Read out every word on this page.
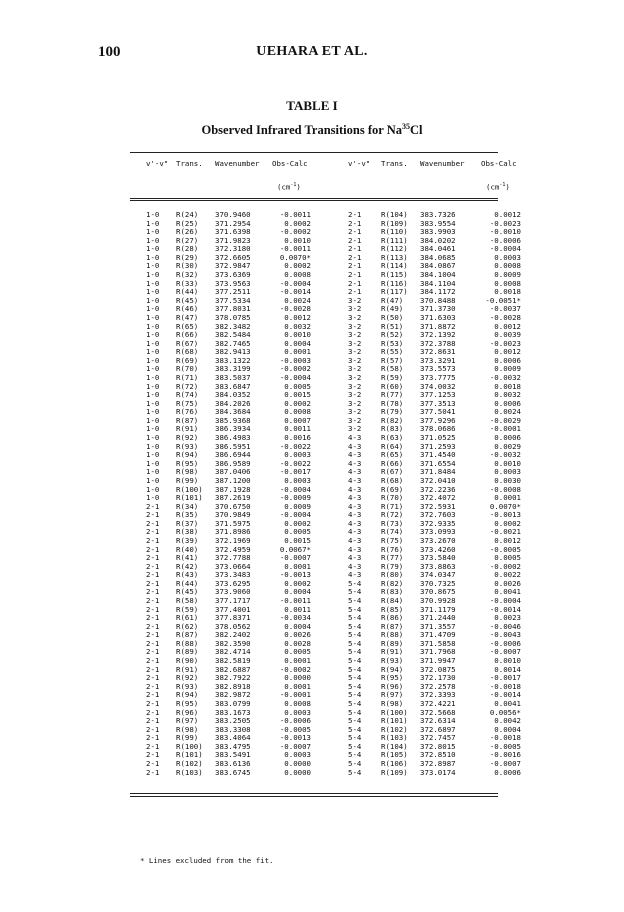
100	UEHARA ET AL.
TABLE I
Observed Infrared Transitions for Na$^{35}$Cl
v'-v" Trans. Wavenumber Obs-Calc	v'-v" Trans. Wavenumber Obs-Calc
$(cm^{-1})$	$(cm^{-1})$
1-0 R(24) 370.9460	-0.0011	2-1	R(104) 383.7326	0.0012
1-0 R(25) 371.2954	0.0002	2-1	R(109) 383.9554	-0.0023
1-0 R(26) 371.6398	-0.0002	2-1	R(110) 383.9903	-0.0010
1-0 R(27) 371.9823	0.0010	2-1	R(111) 384.0202	-0.0006
1-0 R(28) 372.3180	-0.0011	2-1	R(112) 384.0461	-0.0004
1-0 R(29) 372.6605	0.0070*	2-1	R(113) 384.0685	0.0003
1-0 R(30) 372.9847	0.0002	2-1	R(114) 384.0867	0.0008
1-0 R(32) 373.6369	0.0008	2-1	R(115) 384.1004	0.0009
1-0 R(33) 373.9563	-0.0004	2-1	R(116) 384.1104	0.0008
1-0 R(44) 377.2511	-0.0014	2-1	R(117) 384.1172	0.0018
1-0 R(45) 377.5334	0.0024	3-2	R(47) 370.8488	-0.0051*
1-0 R(46) 377.8031	-0.0028	3-2	R(49) 371.3730	-0.0037
1-0 R(47) 378.0785	0.0012	3-2	R(50) 371.6303	-0.0028
1-0 R(65) 382.3482	0.0032	3-2	R(51) 371.8872	0.0012
1-0 R(66) 382.5484	0.0010	3-2	R(52) 372.1392	0.0039
1-0 R(67) 382.7465	0.0004	3-2	R(53) 372.3788	-0.0023
1-0 R(68) 382.9413	0.0001	3-2	R(55) 372.8631	0.0012
1-0 R(69) 383.1322	-0.0003	3-2	R(57) 373.3291	0.0006
1-0 R(70) 383.3199	-0.0002	3-2	R(58) 373.5573	0.0009
1-0 R(71) 383.5037	-0.0004	3-2	R(59) 373.7775	-0.0032
1-0 R(72) 383.6847	0.0005	3-2	R(60) 374.0032	0.0018
1-0 R(74) 384.0352	0.0015	3-2	R(77) 377.1253	0.0032
1-0 R(75) 384.2026	0.0002	3-2	R(78) 377.3513	0.0006
1-0 R(76) 384.3684	0.0008	3-2	R(79) 377.5041	0.0024
1-0 R(87) 385.9368	0.0007	3-2	R(82) 377.9296	-0.0029
1-0 R(91) 386.3934	0.0011	3-2	R(83) 378.0686	-0.0001
1-0 R(92) 386.4983	0.0016	4-3	R(63) 371.0525	0.0006
1-0 R(93) 386.5951	-0.0022	4-3	R(64) 371.2593	0.0029
1-0 R(94) 386.6944	0.0003	4-3	R(65) 371.4540	-0.0032
1-0 R(95) 386.9589	-0.0022	4-3	R(66) 371.6554	0.0010
1-0 R(98) 387.0406	-0.0017	4-3	R(67) 371.8484	0.0003
1-0 R(99) 387.1200	0.0003	4-3	R(68) 372.0410	0.0030
1-0 R(100) 387.1928	-0.0004	4-3	R(69) 372.2236	-0.0008
1-0 R(101) 387.2619	-0.0009	4-3	R(70) 372.4072	0.0001
2-1 R(34) 370.6750	0.0009	4-3	R(71) 372.5931	0.0070*
2-1 R(35) 370.9849	-0.0004	4-3	R(72) 372.7603	-0.0013
2-1 R(37) 371.5975	0.0002	4-3	R(73) 372.9335	0.0002
2-1 R(38) 371.8986	0.0005	4-3	R(74) 373.0993	-0.0021
2-1 R(39) 372.1969	0.0015	4-3	R(75) 373.2670	0.0012
2-1 R(40) 372.4959	0.0067*	4-3	R(76) 373.4260	-0.0005
2-1 R(41) 372.7788	-0.0007	4-3	R(77) 373.5840	0.0005
2-1 R(42) 373.0664	0.0001	4-3	R(79) 373.8863	-0.0002
2-1 R(43) 373.3483	-0.0013	4-3	R(80) 374.0347	0.0022
2-1 R(44) 373.6295	0.0002	5-4	R(82) 370.7325	0.0026
2-1 R(45) 373.9060	0.0004	5-4	R(83) 370.8675	0.0041
2-1 R(58) 377.1717	-0.0011	5-4	R(84) 370.9928	-0.0004
2-1 R(59) 377.4001	0.0011	5-4	R(85) 371.1179	-0.0014
2-1 R(61) 377.8371	-0.0034	5-4	R(86) 371.2440	0.0023
2-1 R(62) 378.0562	0.0004	5-4	R(87) 371.3557	-0.0046
2-1 R(87) 382.2402	0.0026	5-4	R(88) 371.4709	-0.0043
2-1 R(88) 382.3590	0.0028	5-4	R(89) 371.5858	-0.0006
2-1 R(89) 382.4714	0.0005	5-4	R(91) 371.7968	-0.0007
2-1 R(90) 382.5819	0.0001	5-4	R(93) 371.9947	0.0010
2-1 R(91) 382.6887	-0.0002	5-4	R(94) 372.0875	0.0014
2-1 R(92) 382.7922	0.0000	5-4	R(95) 372.1730	-0.0017
2-1 R(93) 382.8918	0.0001	5-4	R(96) 372.2578	-0.0018
2-1 R(94) 382.9872	-0.0001	5-4	R(97) 372.3393	-0.0014
2-1 R(95) 383.0799	0.0008	5-4	R(98) 372.4221	0.0041
2-1 R(96) 383.1673	0.0003	5-4	R(100) 372.5668	0.0056*
2-1 R(97) 383.2505	-0.0006	5-4	R(101) 372.6314	0.0042
2-1 R(98) 383.3308	-0.0005	5-4	R(102) 372.6897	0.0004
2-1 R(99) 383.4064	-0.0013	5-4	R(103) 372.7457	-0.0018
2-1 R(100) 383.4795	-0.0007	5-4	R(104) 372.8015	-0.0005
2-1 R(101) 383.5491	0.0003	5-4	R(105) 372.8510	-0.0016
2-1 R(102) 383.6136	0.0000	5-4	R(106) 372.8987	-0.0007
2-1 R(103) 383.6745	0.0000	5-4	R(109) 373.0174	0.0006
* Lines excluded from the fit.
